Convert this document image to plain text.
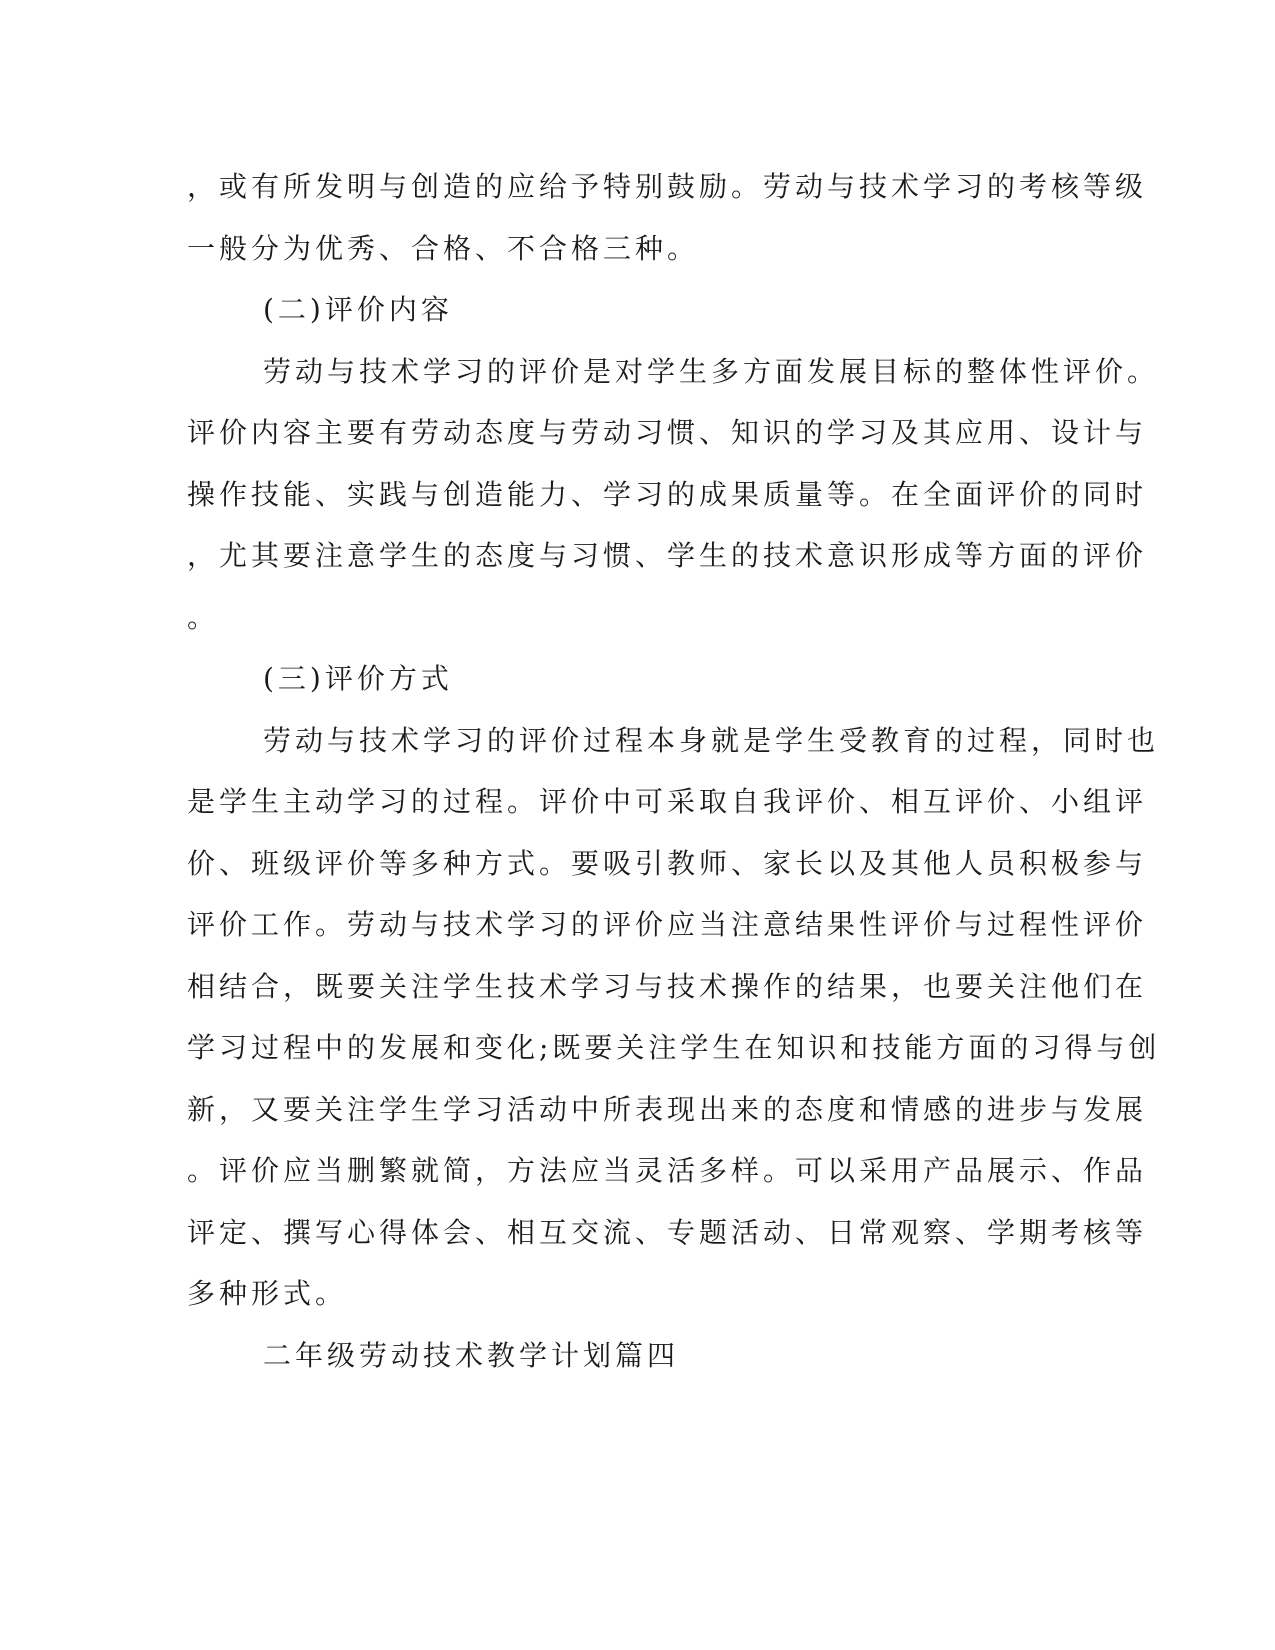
，或有所发明与创造的应给予特别鼓励。劳动与技术学习的考核等级
一般分为优秀、合格、不合格三种。
(二)评价内容
劳动与技术学习的评价是对学生多方面发展目标的整体性评价。
评价内容主要有劳动态度与劳动习惯、知识的学习及其应用、设计与
操作技能、实践与创造能力、学习的成果质量等。在全面评价的同时
，尤其要注意学生的态度与习惯、学生的技术意识形成等方面的评价
。
(三)评价方式
劳动与技术学习的评价过程本身就是学生受教育的过程，同时也
是学生主动学习的过程。评价中可采取自我评价、相互评价、小组评
价、班级评价等多种方式。要吸引教师、家长以及其他人员积极参与
评价工作。劳动与技术学习的评价应当注意结果性评价与过程性评价
相结合，既要关注学生技术学习与技术操作的结果，也要关注他们在
学习过程中的发展和变化;既要关注学生在知识和技能方面的习得与创
新，又要关注学生学习活动中所表现出来的态度和情感的进步与发展
。评价应当删繁就简，方法应当灵活多样。可以采用产品展示、作品
评定、撰写心得体会、相互交流、专题活动、日常观察、学期考核等
多种形式。
二年级劳动技术教学计划篇四
